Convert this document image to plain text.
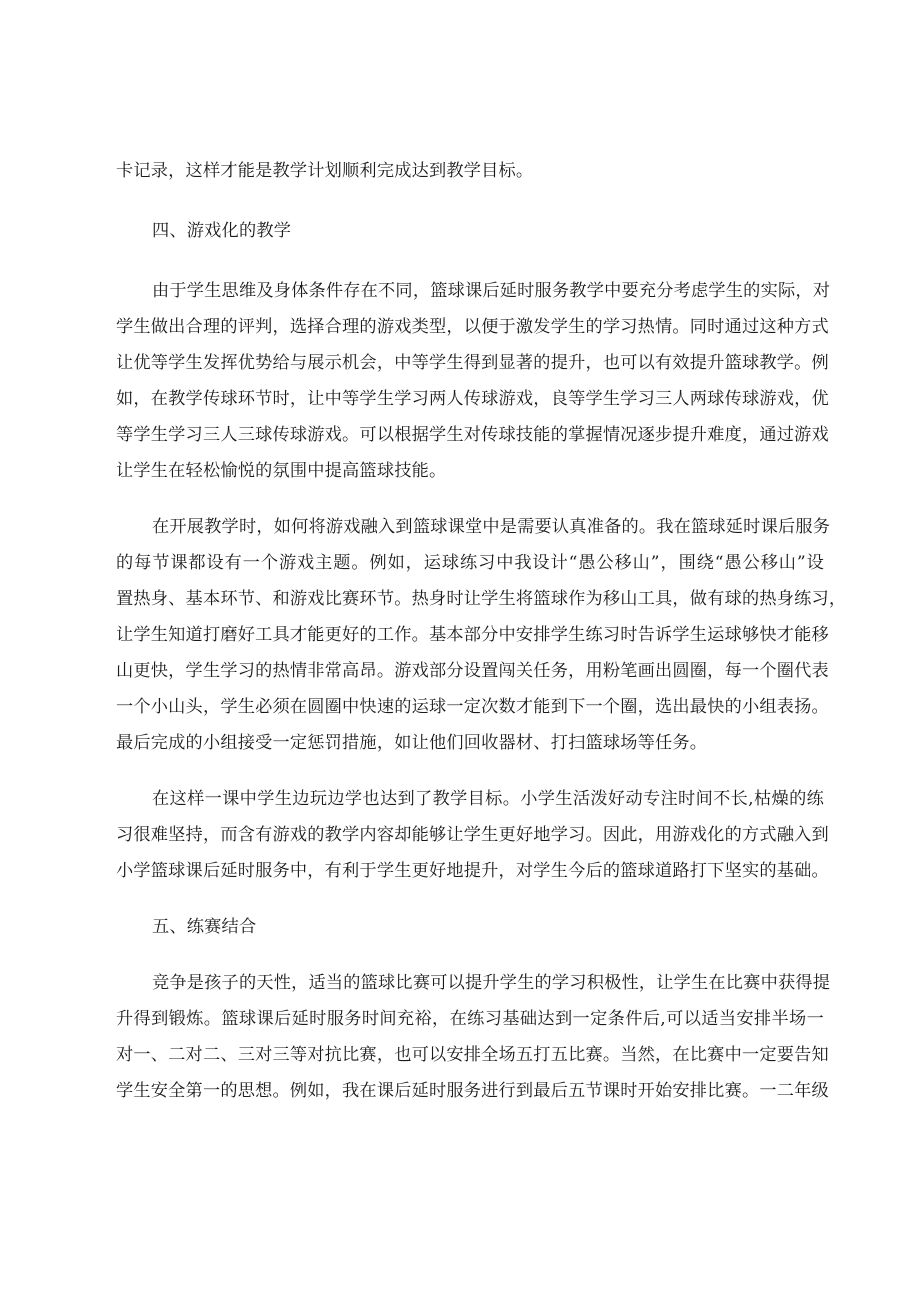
卡记录，这样才能是教学计划顺利完成达到教学目标。
四、游戏化的教学
由于学生思维及身体条件存在不同，篮球课后延时服务教学中要充分考虑学生的实际，对
学生做出合理的评判，选择合理的游戏类型，以便于激发学生的学习热情。同时通过这种方式
让优等学生发挥优势给与展示机会，中等学生得到显著的提升，也可以有效提升篮球教学。例
如，在教学传球环节时，让中等学生学习两人传球游戏，良等学生学习三人两球传球游戏，优
等学生学习三人三球传球游戏。可以根据学生对传球技能的掌握情况逐步提升难度，通过游戏
让学生在轻松愉悦的氛围中提高篮球技能。
在开展教学时，如何将游戏融入到篮球课堂中是需要认真准备的。我在篮球延时课后服务
的每节课都设有一个游戏主题。例如，运球练习中我设计“愚公移山”，围绕“愚公移山”设
置热身、基本环节、和游戏比赛环节。热身时让学生将篮球作为移山工具，做有球的热身练习，
让学生知道打磨好工具才能更好的工作。基本部分中安排学生练习时告诉学生运球够快才能移
山更快，学生学习的热情非常高昂。游戏部分设置闯关任务，用粉笔画出圆圈，每一个圈代表
一个小山头，学生必须在圆圈中快速的运球一定次数才能到下一个圈，选出最快的小组表扬。
最后完成的小组接受一定惩罚措施，如让他们回收器材、打扫篮球场等任务。
在这样一课中学生边玩边学也达到了教学目标。小学生活泼好动专注时间不长,枯燥的练
习很难坚持，而含有游戏的教学内容却能够让学生更好地学习。因此，用游戏化的方式融入到
小学篮球课后延时服务中，有利于学生更好地提升，对学生今后的篮球道路打下坚实的基础。
五、练赛结合
竞争是孩子的天性，适当的篮球比赛可以提升学生的学习积极性，让学生在比赛中获得提
升得到锻炼。篮球课后延时服务时间充裕，在练习基础达到一定条件后,可以适当安排半场一
对一、二对二、三对三等对抗比赛，也可以安排全场五打五比赛。当然，在比赛中一定要告知
学生安全第一的思想。例如，我在课后延时服务进行到最后五节课时开始安排比赛。一二年级
